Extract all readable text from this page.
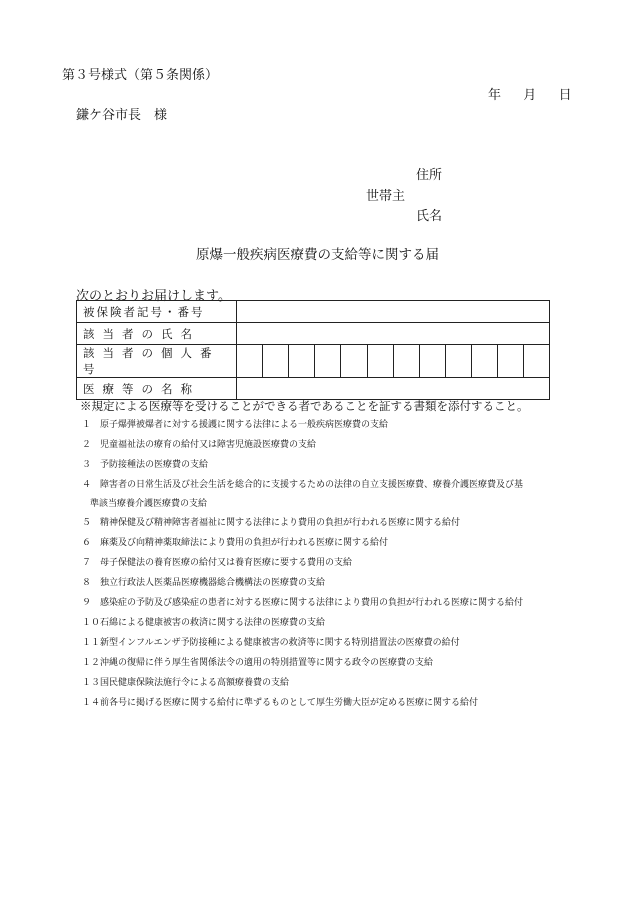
第３号様式（第５条関係）
年 月 日
鎌ケ谷市長　様
住所
世帯主
氏名
原爆一般疾病医療費の支給等に関する届
次のとおりお届けします。
被保険者記号・番号												
該当者の氏名												
該当者の個人番号												
医療等の名称												
※規定による医療等を受けることができる者であることを証する書類を添付すること。
１ 原子爆弾被爆者に対する援護に関する法律による一般疾病医療費の支給
２ 児童福祉法の療育の給付又は障害児施設医療費の支給
３ 予防接種法の医療費の支給
４ 障害者の日常生活及び社会生活を総合的に支援するための法律の自立支援医療費、療養介護医療費及び基
準該当療養介護医療費の支給
５ 精神保健及び精神障害者福祉に関する法律により費用の負担が行われる医療に関する給付
６ 麻薬及び向精神薬取締法により費用の負担が行われる医療に関する給付
７ 母子保健法の養育医療の給付又は養育医療に要する費用の支給
８ 独立行政法人医薬品医療機器総合機構法の医療費の支給
９ 感染症の予防及び感染症の患者に対する医療に関する法律により費用の負担が行われる医療に関する給付
１０ 石綿による健康被害の救済に関する法律の医療費の支給
１１ 新型インフルエンザ予防接種による健康被害の救済等に関する特別措置法の医療費の給付
１２ 沖縄の復帰に伴う厚生省関係法令の適用の特別措置等に関する政令の医療費の支給
１３ 国民健康保険法施行令による高額療養費の支給
１４ 前各号に掲げる医療に関する給付に準ずるものとして厚生労働大臣が定める医療に関する給付
